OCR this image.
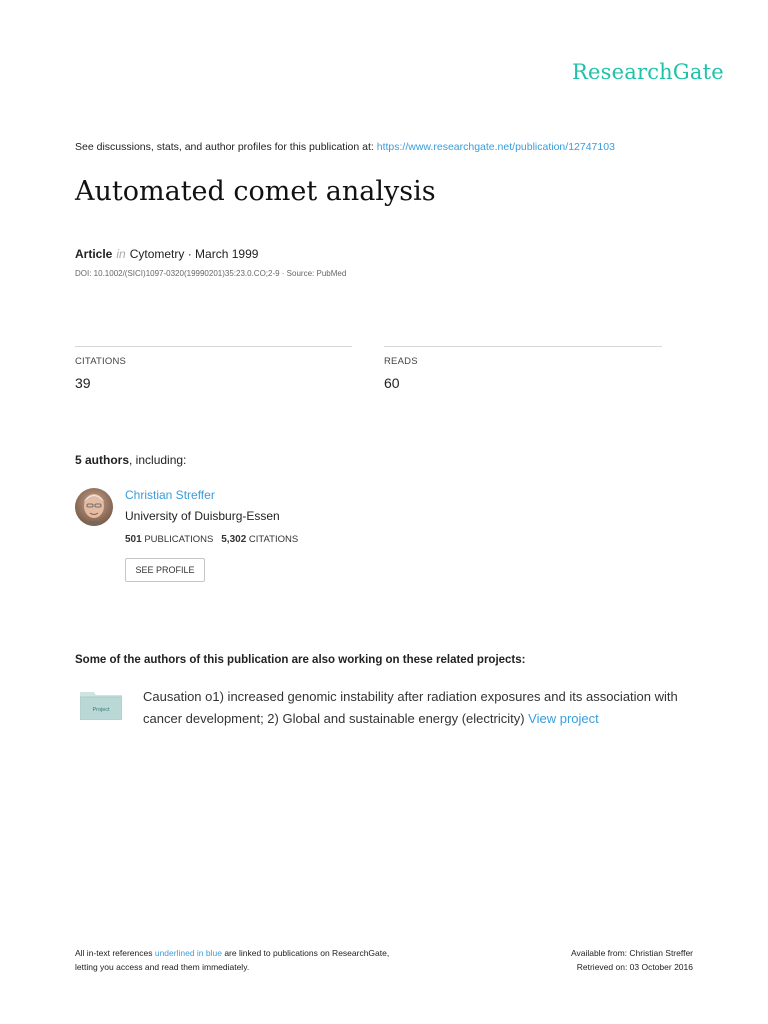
ResearchGate
See discussions, stats, and author profiles for this publication at: https://www.researchgate.net/publication/12747103
Automated comet analysis
Article in Cytometry · March 1999
DOI: 10.1002/(SICI)1097-0320(19990201)35:23.0.CO;2-9 · Source: PubMed
CITATIONS
39
READS
60
5 authors, including:
Christian Streffer
University of Duisburg-Essen
501 PUBLICATIONS 5,302 CITATIONS
SEE PROFILE
Some of the authors of this publication are also working on these related projects:
Project
Causation o1) increased genomic instability after radiation exposures and its association with cancer development; 2) Global and sustainable energy (electricity) View project
All in-text references underlined in blue are linked to publications on ResearchGate,
letting you access and read them immediately.
Available from: Christian Streffer
Retrieved on: 03 October 2016
